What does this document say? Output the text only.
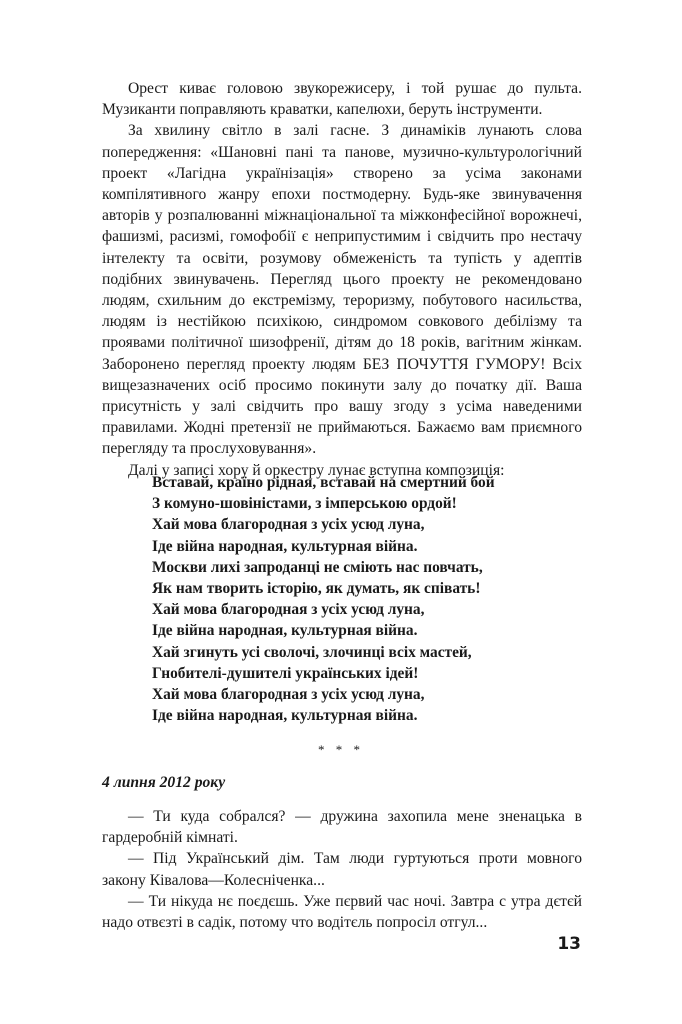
Орест киває головою звукорежисеру, і той рушає до пульта. Музиканти поправляють краватки, капелюхи, беруть інструменти.

За хвилину світло в залі гасне. З динаміків лунають слова попередження: «Шановні пані та панове, музично-культурологічний проект «Лагідна українізація» створено за усіма законами компілятивного жанру епохи постмодерну. Будь-яке звинувачення авторів у розпалюванні міжнаціональної та міжконфесійної ворожнечі, фашизмі, расизмі, гомофобії є неприпустимим і свідчить про нестачу інтелекту та освіти, розумову обмеженість та тупість у адептів подібних звинувачень. Перегляд цього проекту не рекомендовано людям, схильним до екстремізму, тероризму, побутового насильства, людям із нестійкою психікою, синдромом совкового дебілізму та проявами політичної шизофренії, дітям до 18 років, вагітним жінкам. Заборонено перегляд проекту людям БЕЗ ПОЧУТТЯ ГУМОРУ! Всіх вищезазначених осіб просимо покинути залу до початку дії. Ваша присутність у залі свідчить про вашу згоду з усіма наведеними правилами. Жодні претензії не приймаються. Бажаємо вам приємного перегляду та прослуховування».

Далі у записі хору й оркестру лунає вступна композиція:

Вставай, країно рідная, вставай на смертний бой
З комуно-шовіністами, з імперською ордой!
Хай мова благородная з усіх усюд луна,
Іде війна народная, культурная війна.
Москви лихі запроданці не сміють нас повчать,
Як нам творить історію, як думать, як співать!
Хай мова благородная з усіх усюд луна,
Іде війна народная, культурная війна.
Хай згинуть усі сволочі, злочинці всіх мастей,
Гнобителі-душителі українських ідей!
Хай мова благородная з усіх усюд луна,
Іде війна народная, культурная війна.
* * *
4 липня 2012 року

— Ти куда собрался? — дружина захопила мене зненацька в гардеробній кімнаті.

— Під Український дім. Там люди гуртуються проти мовного закону Ківалова—Колесніченка...

— Ти нікуда нє поєдєшь. Уже пєрвий час ночі. Завтра с утра дєтєй надо отвєзті в садік, потому что водітєль попросіл отгул...

13
